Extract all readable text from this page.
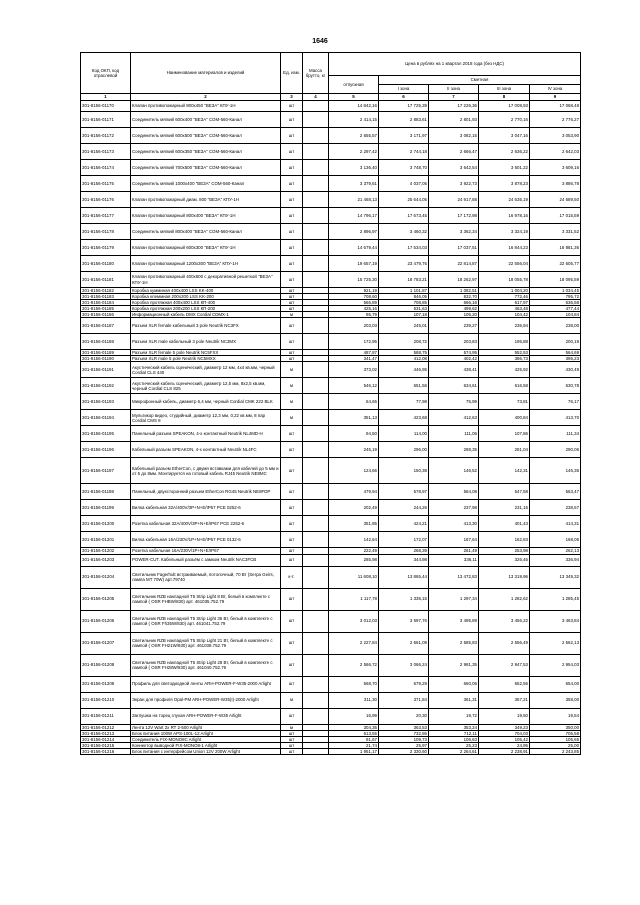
1646
Код ОКП, код отраслевой	Наименование материалов и изделий	Ед. изм.	Масса брутто, кг	Цена в рублях на 1 квартал 2018 года (без НДС)				
				отпускная	Сметная			
					I зона	II зона	III зона	IV зона
1	2	3	4	5	6	7	8	9
301-8156-01170	Клапан противопожарный 800х450 "ВЕЗА" КПУ-1Н	шт		14 842,16	17 725,39	17 226,36	17 008,93	17 068,48
301-8156-01171	Соединитель мягкий 600х400 "ВЕЗА" СОМ-560-Канал	шт		2 414,15	2 883,61	2 801,93	2 770,16	2 776,27
301-8156-01172	Соединитель мягкий 600х500 "ВЕЗА" СОМ-560-Канал	шт		2 655,57	3 171,97	3 082,15	3 047,16	3 053,90
301-8156-01173	Соединитель мягкий 600х350 "ВЕЗА" СОМ-560-Канал	шт		2 297,42	2 744,18	2 666,47	2 636,22	2 642,03
301-8156-01174	Соединитель мягкий 700х500 "ВЕЗА" СОМ-560-Канал	шт		3 136,40	3 748,70	3 642,54	3 601,22	3 609,16
301-8156-01175	Соединитель мягкий 1000х400 "ВЕЗА" СОМ-560-Канал	шт		3 379,61	4 037,05	3 922,73	3 878,23	3 886,78
301-8156-01176	Клапан противопожарный диам. 800 "ВЕЗА" КПУ-1Н	шт		21 468,13	25 644,05	24 917,88	24 635,19	24 689,50
301-8156-01177	Клапан противопожарный 800х400 "ВЕЗА" КПУ-1Н	шт		14 796,17	17 673,45	17 172,98	16 978,16	17 015,59
301-8156-01178	Соединитель мягкий 800х400 "ВЕЗА" СОМ-560-Канал	шт		2 896,97	3 460,32	3 362,34	3 324,19	3 331,52
301-8156-01179	Клапан противопожарный 600х300 "ВЕЗА" КПУ-1Н	шт		14 679,44	17 534,03	17 037,51	16 844,23	16 881,36
301-8156-01180	Клапан противопожарный 1200х300 "ВЕЗА" КПУ-1Н	шт		19 657,19	23 479,76	22 814,87	22 556,04	22 605,77
301-8156-01181	Клапан противопожарный 400х600 с декоративной решеткой "ВЕЗА" КПУ-1Н	шт		15 725,30	18 783,21	18 262,97	18 055,78	18 095,59
301-8156-01182	Коробка кумминая 400х400 LSS KK-400	шт		921,19	1 101,87	1 082,51	1 004,20	1 034,45
301-8156-01183	Коробка клеммная 200х200 LSS KK-200	шт		708,60	846,05	832,70	772,46	795,72
301-8156-01184	Коробка протяжная 400х400 LSS КП-400	шт		566,89	708,85	666,16	617,97	636,58
301-8156-01185	Коробка протяжная 200х200 LSS КП-200	шт		425,16	531,63	499,62	463,48	477,44
301-8156-01186	Информационный кабель DMX Cordial CDMX-1	м		95,79	107,18	105,20	104,42	104,84
301-8156-01187	Разъем XLR female кабельный 3 pole Neutrik NC3FX	шт		203,03	245,01	239,27	236,94	238,00
301-8156-01188	Разъем XLR male кабельный 3 pole Neutrik NC3MX	шт		172,95	208,72	203,83	195,88	200,19
301-8156-01189	Разъем XLR female 5 pole Neutrik NC5FXX	шт		487,87	588,75	574,95	552,53	564,69
301-8156-01190	Разъем XLR male 5 pole Neutrik NC5MXX	шт		341,47	412,08	402,42	386,73	395,23
301-8156-01191	Акустический кабель сценический, диаметр 12 мм, 4х4 кв.мм, черный Cordial CLS 440	м		373,02	446,95	438,41	425,92	430,49
301-8156-01192	Акустический кабель сценический, диаметр 12,5 мм, 8х2,5 кв.мм, черный Cordial CLS 825	м		546,12	651,56	634,61	616,58	630,78
301-8156-01193	Микрофонный кабель, диаметр 6,4 мм, черный Cordial CMK 222 BLK	м		64,65	77,98	75,99	73,81	76,17
301-8156-01194	Мультикор видео, студийный, диаметр 12,3 мм, 0,22 кв.мм, 8 пар Cordial CMS 8	м		351,13	423,68	412,63	400,84	413,70
301-8156-01195	Панельный разъем SPEAKON, 4-х контактный Neutrik NL4MD-H	шт		94,50	114,00	111,06	107,86	111,34
301-8156-01196	Кабельный разъем SPEAKON, 4-х контактный Neutrik NL4FC	шт		245,19	296,00	288,35	281,04	290,06
301-8156-01197	Кабельный разъем EtherCon, с двумя вставками для кабелей до 5 мм и от 5 до 8мм. Монтируется на готовый кабель RJ45 Neutrik NE8MC	шт		124,66	150,38	146,52	142,31	146,36
301-8156-01198	Панельный, двухсторонний разъем EtherCon RG45 Neutrik NE8FDP	шт		479,94	578,97	564,08	547,58	563,47
301-8156-01199	Вилка кабельная 32A/400V/3P+N+E/IP67 PCE 0252-6	шт		202,49	244,26	237,98	231,15	238,57
301-8156-01200	Розетка кабельная 32A/400V/3P+N+E/IP67 PCE 2252-6	шт		351,85	424,21	413,30	401,43	414,31
301-8156-01201	Вилка кабельная 16A/230V/1P+N+E/IP67 PCE 0132-6	шт		142,64	172,07	167,64	162,83	168,05
301-8156-01202	Розетка кабельная 16A/230V/1P+N+E/IP67	шт		222,49	268,39	261,49	253,98	262,13
301-8156-01203	POWER-CUT. Кабельный разъём с замком Neutrik NAC3FCB	шт		285,98	344,98	336,11	326,46	336,94
301-8156-01204	Светильник Fagerhult встраиваемый, потолочный, 70 Вт (Serpa Geirs, лампа MT 70W) арт.79740	к-т.		11 608,10	13 865,44	13 472,83	13 319,96	13 349,32
301-8156-01205	Светильник RZB накладной Т5 Strip Light 8 Вт, белый в комплекте с лампой ( OSR FHBW/830) арт. 461035.752.79	шт		1 117,78	1 335,15	1 297,34	1 282,62	1 285,45
301-8156-01206	Светильник RZB накладной Т5 Strip Light 35 Вт, белый в комплекте с лампой ( OSR Fh35W/830) арт. 461041.752.79	шт		3 012,03	3 597,76	3 495,89	3 456,22	3 463,84
301-8156-01207	Светильник RZB накладной Т5 Strip Light 21 Вт, белый в комплекте с лампой ( OSR FH21W/830) арт. 461038.752.79	шт		2 227,84	2 661,09	2 585,83	2 556,49	2 562,13
301-8156-01208	Светильник RZB накладной Т5 Strip Light 28 Вт, белый в комплекте с лампой ( OSR FH28W/830) арт. 461040.752.79	шт		2 566,72	3 066,24	2 981,35	2 947,53	2 954,03
301-8156-01209	Профиль для светодиодной ленты ARH-POWER-F-W35-2000 Arlight	шт		568,70	679,29	660,06	652,56	654,00
301-8156-01210	Экран для профиля Opal-PM ARH-POWER-W35(I)-2000 Arlight	м		311,30	371,84	361,31	357,21	358,00
301-8156-01211	Заглушка на торец глухая ARH-POWER-F-W35 Arlight	шт		16,99	20,30	19,72	19,50	19,54
301-8156-01212	Лента 12V Wart 2х RT 2-500 Arlight	м		304,35	363,53	353,24	349,23	350,00
301-8156-01213	Блок питания 100W APS-100L-12 Arlight	шт		613,55	732,86	712,11	704,03	705,58
301-8156-01214	Соединитель FIX-MONO8C Arlight	шт		91,67	109,73	106,63	105,42	105,65
301-8156-01215	Коннектор выводной FIX-MONO8-1 Arlight	шт		21,74	25,97	25,23	24,95	25,00
301-8156-01216	Блок питания с интерфейсом Union 12V 200W Arlight	шт		1 951,17	2 330,60	2 264,61	2 238,91	2 243,85
